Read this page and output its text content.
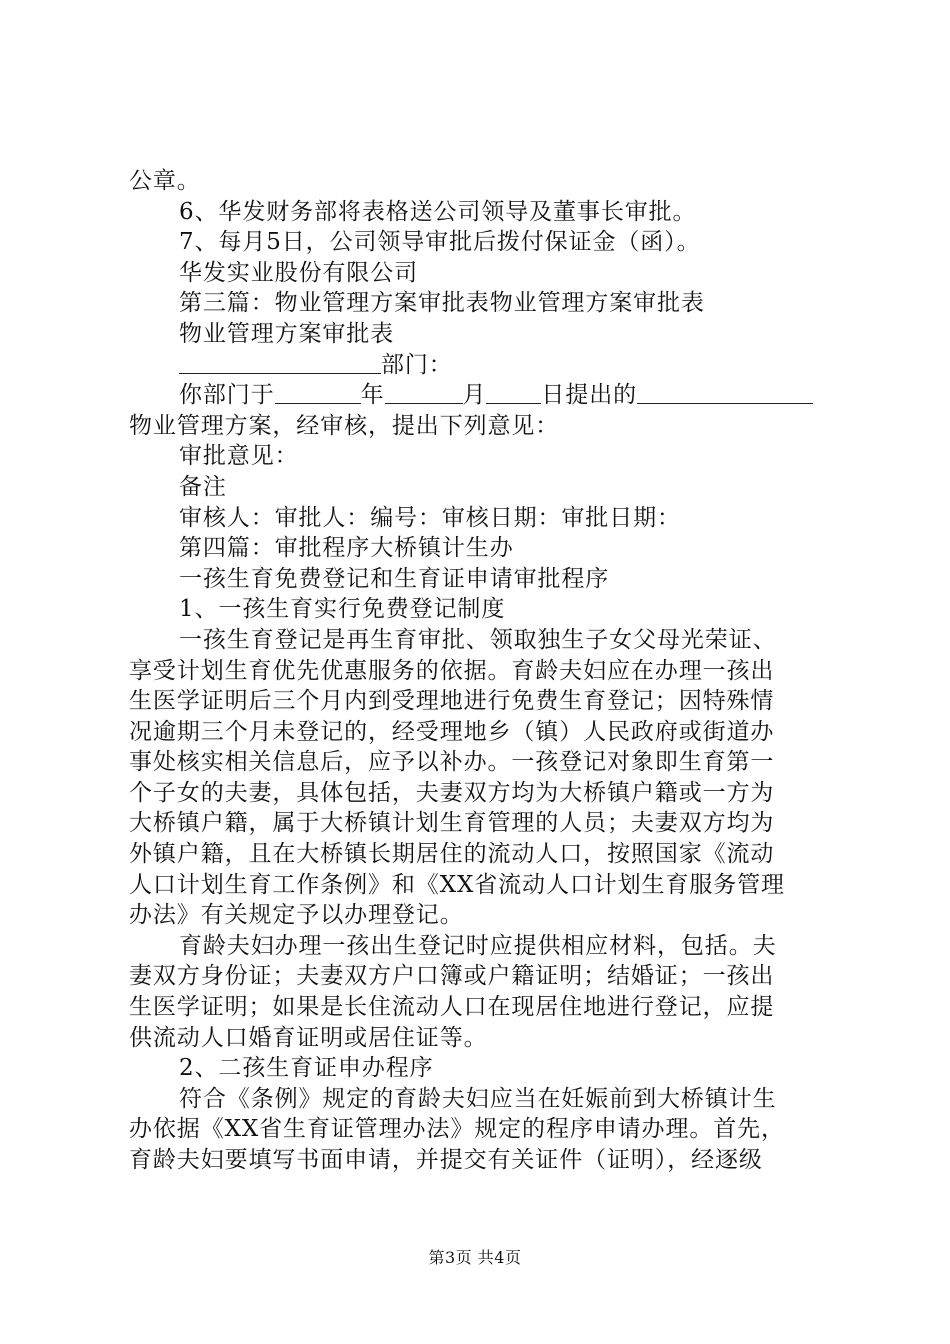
公章。

6、华发财务部将表格送公司领导及董事长审批。

7、每月5日，公司领导审批后拨付保证金（函）。

华发实业股份有限公司

第三篇：物业管理方案审批表物业管理方案审批表

物业管理方案审批表

部门：

你部门于	年	月 日提出的

物业管理方案，经审核，提出下列意见：

审批意见：

备注

审核人：审批人：编号：审核日期：审批日期：

第四篇：审批程序大桥镇计生办

一孩生育免费登记和生育证申请审批程序

1、一孩生育实行免费登记制度

一孩生育登记是再生育审批、领取独生子女父母光荣证、

享受计划生育优先优惠服务的依据。育龄夫妇应在办理一孩出

生医学证明后三个月内到受理地进行免费生育登记；因特殊情

况逾期三个月未登记的，经受理地乡（镇）人民政府或街道办

事处核实相关信息后，应予以补办。一孩登记对象即生育第一

个子女的夫妻，具体包括，夫妻双方均为大桥镇户籍或一方为

大桥镇户籍，属于大桥镇计划生育管理的人员；夫妻双方均为

外镇户籍，且在大桥镇长期居住的流动人口，按照国家《流动

人口计划生育工作条例》和《XX省流动人口计划生育服务管理

办法》有关规定予以办理登记。

育龄夫妇办理一孩出生登记时应提供相应材料，包括。夫

妻双方身份证；夫妻双方户口簿或户籍证明；结婚证；一孩出

生医学证明；如果是长住流动人口在现居住地进行登记，应提

供流动人口婚育证明或居住证等。

2、二孩生育证申办程序

符合《条例》规定的育龄夫妇应当在妊娠前到大桥镇计生

办依据《XX省生育证管理办法》规定的程序申请办理。首先，

育龄夫妇要填写书面申请，并提交有关证件（证明），经逐级

第3页 共4页
